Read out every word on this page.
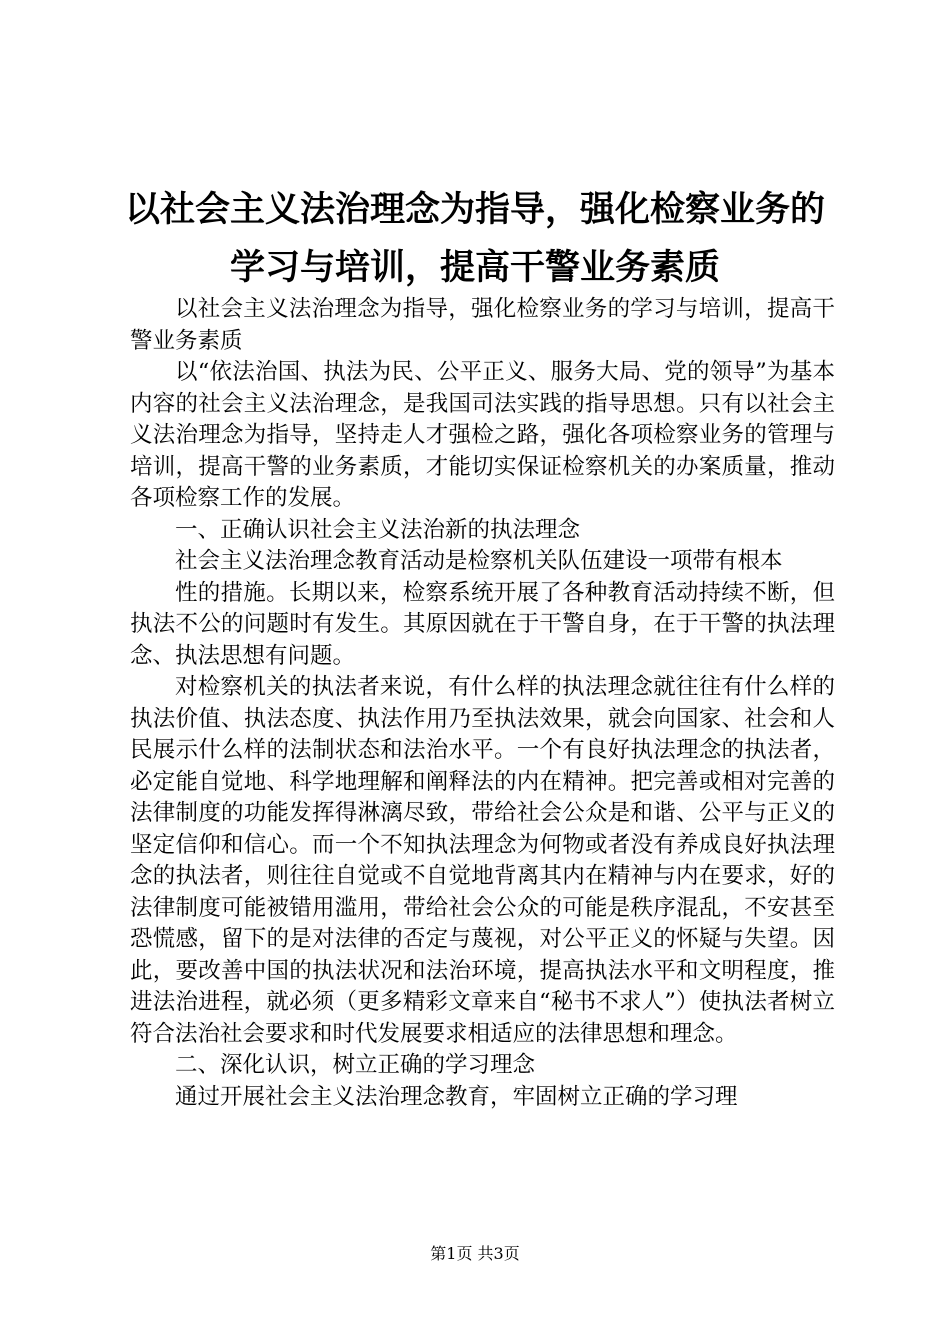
以社会主义法治理念为指导，强化检察业务的
学习与培训，提高干警业务素质

以社会主义法治理念为指导，强化检察业务的学习与培训，提高干警业务素质

以“依法治国、执法为民、公平正义、服务大局、党的领导”为基本内容的社会主义法治理念，是我国司法实践的指导思想。只有以社会主义法治理念为指导，坚持走人才强检之路，强化各项检察业务的管理与培训，提高干警的业务素质，才能切实保证检察机关的办案质量，推动各项检察工作的发展。

一、正确认识社会主义法治新的执法理念

社会主义法治理念教育活动是检察机关队伍建设一项带有根本

性的措施。长期以来，检察系统开展了各种教育活动持续不断，但执法不公的问题时有发生。其原因就在于干警自身，在于干警的执法理念、执法思想有问题。

对检察机关的执法者来说，有什么样的执法理念就往往有什么样的执法价值、执法态度、执法作用乃至执法效果，就会向国家、社会和人民展示什么样的法制状态和法治水平。一个有良好执法理念的执法者，必定能自觉地、科学地理解和阐释法的内在精神。把完善或相对完善的法律制度的功能发挥得淋漓尽致，带给社会公众是和谐、公平与正义的坚定信仰和信心。而一个不知执法理念为何物或者没有养成良好执法理念的执法者，则往往自觉或不自觉地背离其内在精神与内在要求，好的法律制度可能被错用滥用，带给社会公众的可能是秩序混乱，不安甚至恐慌感，留下的是对法律的否定与蔑视，对公平正义的怀疑与失望。因此，要改善中国的执法状况和法治环境，提高执法水平和文明程度，推进法治进程，就必须（更多精彩文章来自“秘书不求人”）使执法者树立符合法治社会要求和时代发展要求相适应的法律思想和理念。

二、深化认识，树立正确的学习理念

通过开展社会主义法治理念教育，牢固树立正确的学习理

第1页 共3页
